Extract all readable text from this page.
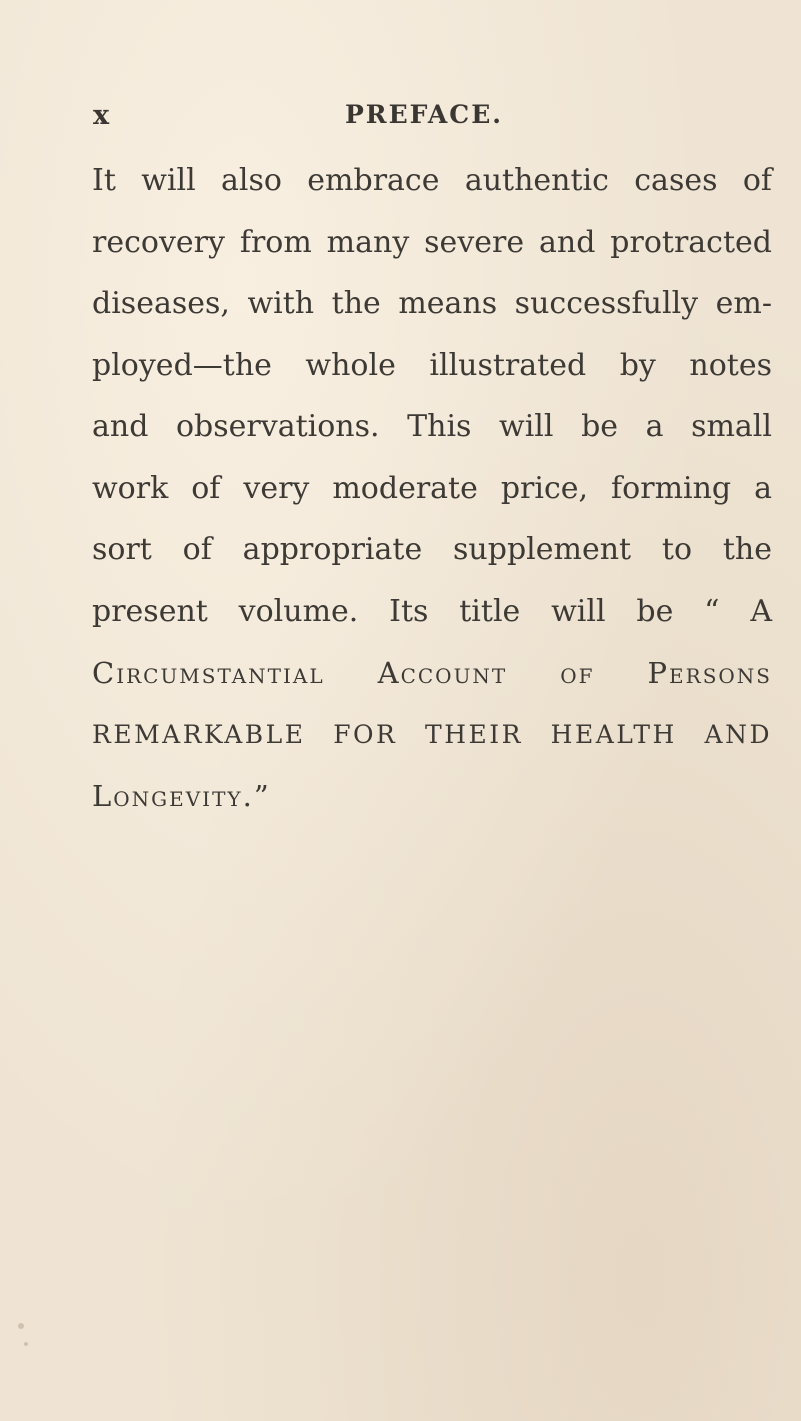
x	PREFACE.
It will also embrace authentic cases of
recovery from many severe and protracted
diseases, with the means successfully em-
ployed—the whole illustrated by notes
and observations. This will be a small
work of very moderate price, forming a
sort of appropriate supplement to the
present volume. Its title will be “ A
Circumstantial Account of Persons
REMARKABLE FOR THEIR HEALTH AND
Longevity.”
